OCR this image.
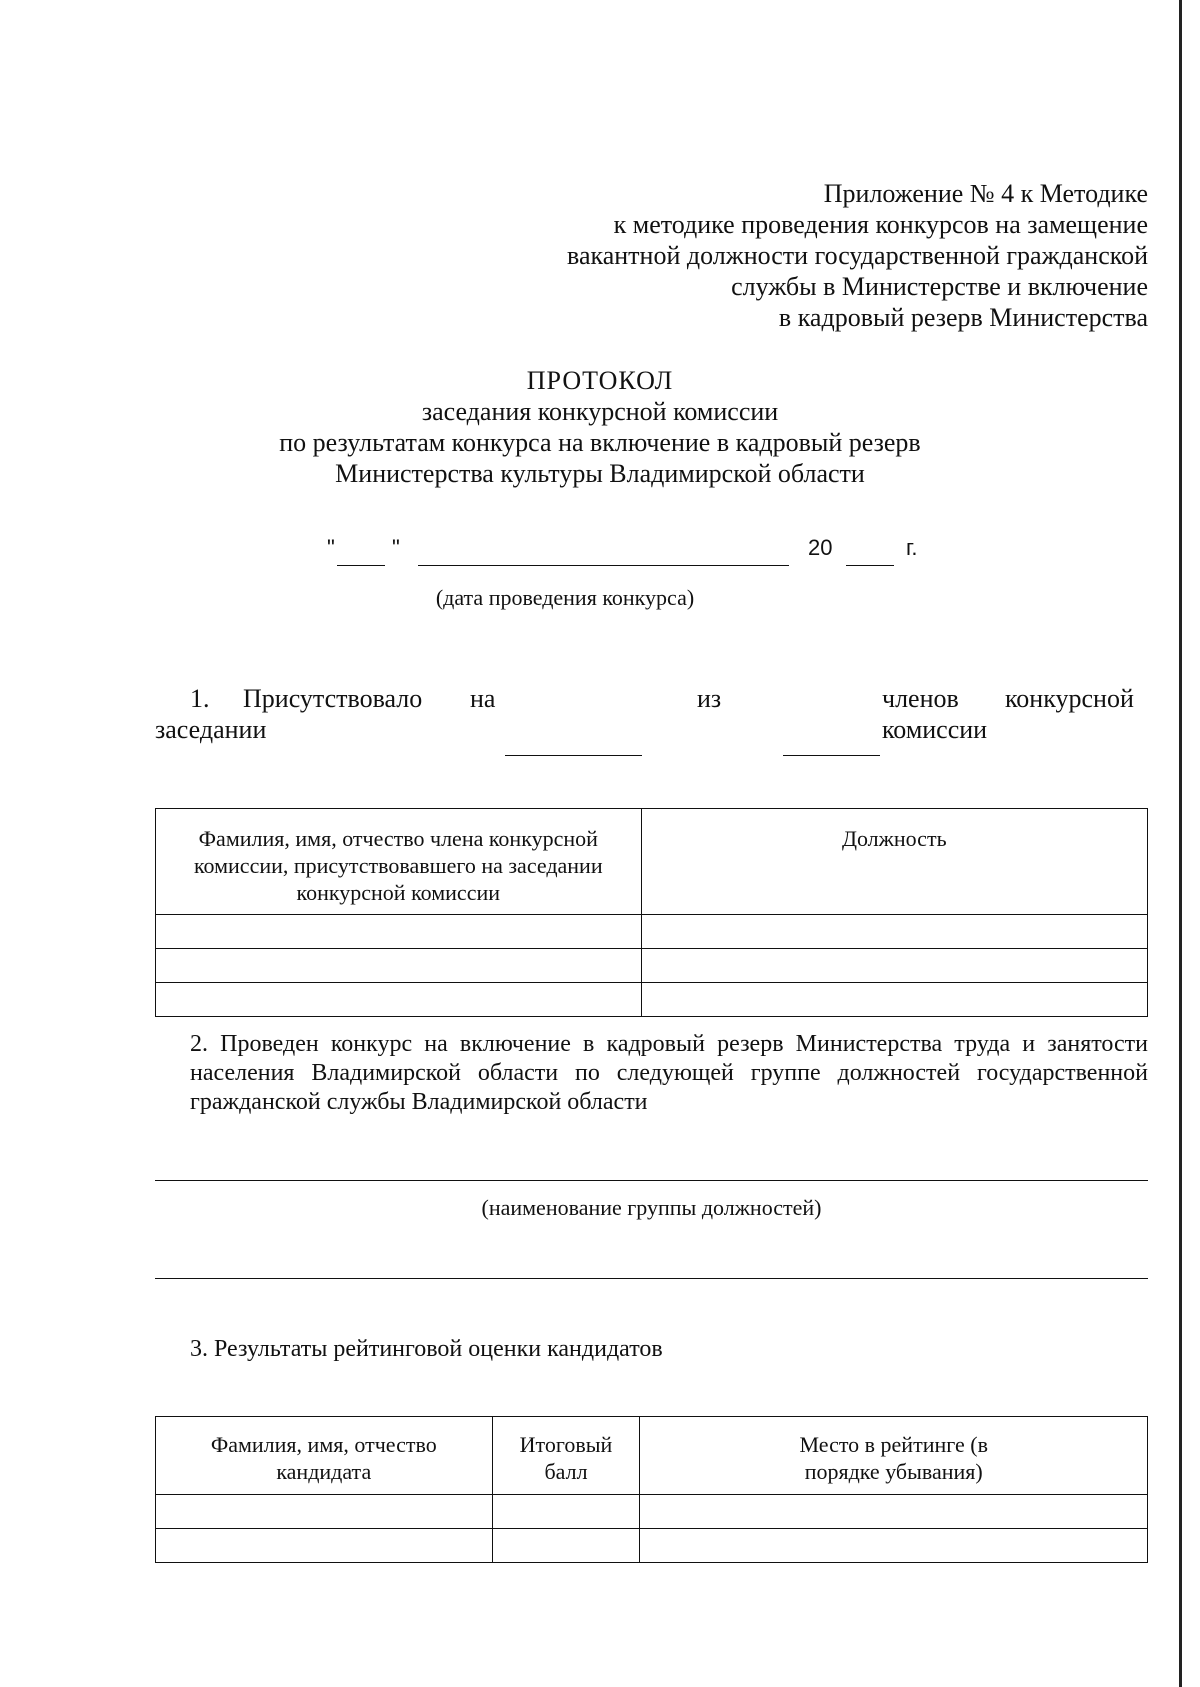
Приложение № 4 к Методике
к методике проведения конкурсов на замещение
вакантной должности государственной гражданской
службы в Министерстве и включение
в кадровый резерв Министерства
ПРОТОКОЛ
заседания конкурсной комиссии
по результатам конкурса на включение в кадровый резерв
Министерства культуры Владимирской области
"	"	20	г.
(дата проведения конкурса)
1. Присутствовало на
заседании
из	членов конкурсной
комиссии
Фамилия, имя, отчество члена конкурсной комиссии, присутствовавшего на заседании конкурсной комиссии	Должность

2. Проведен конкурс на включение в кадровый резерв Министерства труда и занятости населения Владимирской области по следующей группе должностей государственной гражданской службы Владимирской области
(наименование группы должностей)
3. Результаты рейтинговой оценки кандидатов
Фамилия, имя, отчество кандидата	Итоговый балл	Место в рейтинге (в порядке убывания)
